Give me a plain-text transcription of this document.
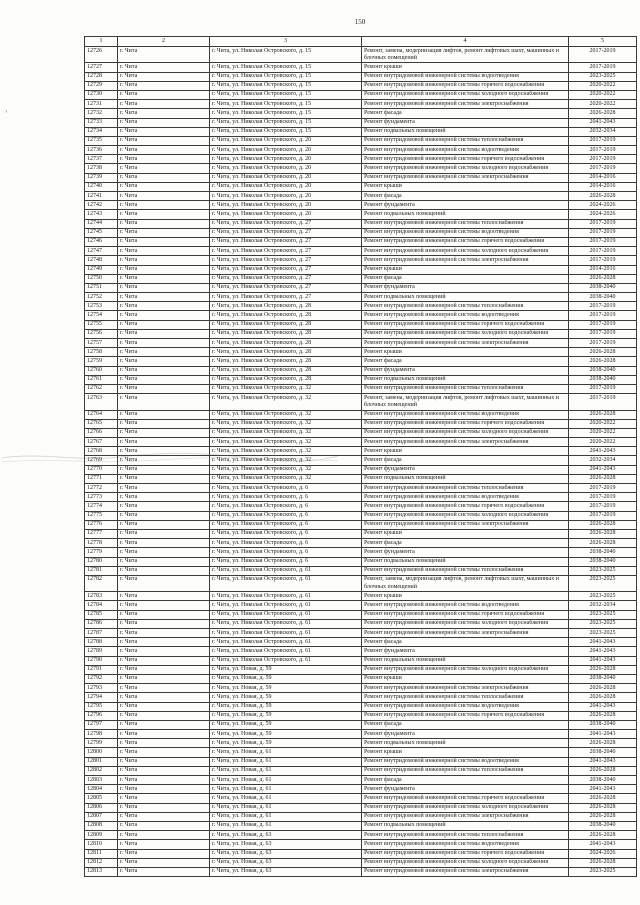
150
1	2	3	4	5
12726	г. Чита	г. Чита, ул. Николая Островского, д. 15	Ремонт, замена, модернизация лифтов, ремонт лифтовых шахт, машинных и блочных помещений	2017-2019
12727	г. Чита	г. Чита, ул. Николая Островского, д. 15	Ремонт крыши	2017-2019
12728	г. Чита	г. Чита, ул. Николая Островского, д. 15	Ремонт внутридомовой инженерной системы водоотведения	2023-2025
12729	г. Чита	г. Чита, ул. Николая Островского, д. 15	Ремонт внутридомовой инженерной системы горячего водоснабжения	2020-2022
12730	г. Чита	г. Чита, ул. Николая Островского, д. 15	Ремонт внутридомовой инженерной системы холодного водоснабжения	2020-2022
12731	г. Чита	г. Чита, ул. Николая Островского, д. 15	Ремонт внутридомовой инженерной системы электроснабжения	2020-2022
12732	г. Чита	г. Чита, ул. Николая Островского, д. 15	Ремонт фасада	2026-2028
12733	г. Чита	г. Чита, ул. Николая Островского, д. 15	Ремонт фундамента	2041-2043
12734	г. Чита	г. Чита, ул. Николая Островского, д. 15	Ремонт подвальных помещений	2032-2034
12735	г. Чита	г. Чита, ул. Николая Островского, д. 20	Ремонт внутридомовой инженерной системы теплоснабжения	2017-2019
12736	г. Чита	г. Чита, ул. Николая Островского, д. 20	Ремонт внутридомовой инженерной системы водоотведения	2017-2019
12737	г. Чита	г. Чита, ул. Николая Островского, д. 20	Ремонт внутридомовой инженерной системы горячего водоснабжения	2017-2019
12738	г. Чита	г. Чита, ул. Николая Островского, д. 20	Ремонт внутридомовой инженерной системы холодного водоснабжения	2017-2019
12739	г. Чита	г. Чита, ул. Николая Островского, д. 20	Ремонт внутридомовой инженерной системы электроснабжения	2014-2016
12740	г. Чита	г. Чита, ул. Николая Островского, д. 20	Ремонт крыши	2014-2016
12741	г. Чита	г. Чита, ул. Николая Островского, д. 20	Ремонт фасада	2026-2028
12742	г. Чита	г. Чита, ул. Николая Островского, д. 20	Ремонт фундамента	2024-2026
12743	г. Чита	г. Чита, ул. Николая Островского, д. 20	Ремонт подвальных помещений	2024-2026
12744	г. Чита	г. Чита, ул. Николая Островского, д. 27	Ремонт внутридомовой инженерной системы теплоснабжения	2017-2019
12745	г. Чита	г. Чита, ул. Николая Островского, д. 27	Ремонт внутридомовой инженерной системы водоотведения	2017-2019
12746	г. Чита	г. Чита, ул. Николая Островского, д. 27	Ремонт внутридомовой инженерной системы горячего водоснабжения	2017-2019
12747	г. Чита	г. Чита, ул. Николая Островского, д. 27	Ремонт внутридомовой инженерной системы холодного водоснабжения	2017-2019
12748	г. Чита	г. Чита, ул. Николая Островского, д. 27	Ремонт внутридомовой инженерной системы электроснабжения	2017-2019
12749	г. Чита	г. Чита, ул. Николая Островского, д. 27	Ремонт крыши	2014-2016
12750	г. Чита	г. Чита, ул. Николая Островского, д. 27	Ремонт фасада	2026-2028
12751	г. Чита	г. Чита, ул. Николая Островского, д. 27	Ремонт фундамента	2038-2040
12752	г. Чита	г. Чита, ул. Николая Островского, д. 27	Ремонт подвальных помещений	2038-2040
12753	г. Чита	г. Чита, ул. Николая Островского, д. 28	Ремонт внутридомовой инженерной системы теплоснабжения	2017-2019
12754	г. Чита	г. Чита, ул. Николая Островского, д. 28	Ремонт внутридомовой инженерной системы водоотведения	2017-2019
12755	г. Чита	г. Чита, ул. Николая Островского, д. 28	Ремонт внутридомовой инженерной системы горячего водоснабжения	2017-2019
12756	г. Чита	г. Чита, ул. Николая Островского, д. 28	Ремонт внутридомовой инженерной системы холодного водоснабжения	2017-2019
12757	г. Чита	г. Чита, ул. Николая Островского, д. 28	Ремонт внутридомовой инженерной системы электроснабжения	2017-2019
12758	г. Чита	г. Чита, ул. Николая Островского, д. 28	Ремонт крыши	2026-2028
12759	г. Чита	г. Чита, ул. Николая Островского, д. 28	Ремонт фасада	2026-2028
12760	г. Чита	г. Чита, ул. Николая Островского, д. 28	Ремонт фундамента	2038-2040
12761	г. Чита	г. Чита, ул. Николая Островского, д. 28	Ремонт подвальных помещений	2038-2040
12762	г. Чита	г. Чита, ул. Николая Островского, д. 32	Ремонт внутридомовой инженерной системы теплоснабжения	2017-2019
12763	г. Чита	г. Чита, ул. Николая Островского, д. 32	Ремонт, замена, модернизация лифтов, ремонт лифтовых шахт, машинных и блочных помещений	2017-2019
12764	г. Чита	г. Чита, ул. Николая Островского, д. 32	Ремонт внутридомовой инженерной системы водоотведения	2026-2028
12765	г. Чита	г. Чита, ул. Николая Островского, д. 32	Ремонт внутридомовой инженерной системы горячего водоснабжения	2020-2022
12766	г. Чита	г. Чита, ул. Николая Островского, д. 32	Ремонт внутридомовой инженерной системы холодного водоснабжения	2020-2022
12767	г. Чита	г. Чита, ул. Николая Островского, д. 32	Ремонт внутридомовой инженерной системы электроснабжения	2020-2022
12768	г. Чита	г. Чита, ул. Николая Островского, д. 32	Ремонт крыши	2041-2043
12769	г. Чита	г. Чита, ул. Николая Островского, д. 32	Ремонт фасада	2032-2034
12770	г. Чита	г. Чита, ул. Николая Островского, д. 32	Ремонт фундамента	2041-2043
12771	г. Чита	г. Чита, ул. Николая Островского, д. 32	Ремонт подвальных помещений	2026-2028
12772	г. Чита	г. Чита, ул. Николая Островского, д. 6	Ремонт внутридомовой инженерной системы теплоснабжения	2017-2019
12773	г. Чита	г. Чита, ул. Николая Островского, д. 6	Ремонт внутридомовой инженерной системы водоотведения	2017-2019
12774	г. Чита	г. Чита, ул. Николая Островского, д. 6	Ремонт внутридомовой инженерной системы горячего водоснабжения	2017-2019
12775	г. Чита	г. Чита, ул. Николая Островского, д. 6	Ремонт внутридомовой инженерной системы холодного водоснабжения	2017-2019
12776	г. Чита	г. Чита, ул. Николая Островского, д. 6	Ремонт внутридомовой инженерной системы электроснабжения	2026-2028
12777	г. Чита	г. Чита, ул. Николая Островского, д. 6	Ремонт крыши	2026-2028
12778	г. Чита	г. Чита, ул. Николая Островского, д. 6	Ремонт фасада	2026-2028
12779	г. Чита	г. Чита, ул. Николая Островского, д. 6	Ремонт фундамента	2038-2040
12780	г. Чита	г. Чита, ул. Николая Островского, д. 6	Ремонт подвальных помещений	2038-2040
12781	г. Чита	г. Чита, ул. Николая Островского, д. 61	Ремонт внутридомовой инженерной системы теплоснабжения	2023-2025
12782	г. Чита	г. Чита, ул. Николая Островского, д. 61	Ремонт, замена, модернизация лифтов, ремонт лифтовых шахт, машинных и блочных помещений	2023-2025
12783	г. Чита	г. Чита, ул. Николая Островского, д. 61	Ремонт крыши	2023-2025
12784	г. Чита	г. Чита, ул. Николая Островского, д. 61	Ремонт внутридомовой инженерной системы водоотведения	2032-2034
12785	г. Чита	г. Чита, ул. Николая Островского, д. 61	Ремонт внутридомовой инженерной системы горячего водоснабжения	2023-2025
12786	г. Чита	г. Чита, ул. Николая Островского, д. 61	Ремонт внутридомовой инженерной системы холодного водоснабжения	2023-2025
12787	г. Чита	г. Чита, ул. Николая Островского, д. 61	Ремонт внутридомовой инженерной системы электроснабжения	2023-2025
12788	г. Чита	г. Чита, ул. Николая Островского, д. 61	Ремонт фасада	2041-2043
12789	г. Чита	г. Чита, ул. Николая Островского, д. 61	Ремонт фундамента	2041-2043
12790	г. Чита	г. Чита, ул. Николая Островского, д. 61	Ремонт подвальных помещений	2041-2043
12791	г. Чита	г. Чита, ул. Новая, д. 59	Ремонт внутридомовой инженерной системы холодного водоснабжения	2026-2028
12792	г. Чита	г. Чита, ул. Новая, д. 59	Ремонт крыши	2038-2040
12793	г. Чита	г. Чита, ул. Новая, д. 59	Ремонт внутридомовой инженерной системы электроснабжения	2026-2028
12794	г. Чита	г. Чита, ул. Новая, д. 59	Ремонт внутридомовой инженерной системы теплоснабжения	2026-2028
12795	г. Чита	г. Чита, ул. Новая, д. 59	Ремонт внутридомовой инженерной системы водоотведения	2041-2043
12796	г. Чита	г. Чита, ул. Новая, д. 59	Ремонт внутридомовой инженерной системы горячего водоснабжения	2026-2028
12797	г. Чита	г. Чита, ул. Новая, д. 59	Ремонт фасада	2038-2040
12798	г. Чита	г. Чита, ул. Новая, д. 59	Ремонт фундамента	2041-2043
12799	г. Чита	г. Чита, ул. Новая, д. 59	Ремонт подвальных помещений	2026-2028
12800	г. Чита	г. Чита, ул. Новая, д. 61	Ремонт крыши	2038-2040
12801	г. Чита	г. Чита, ул. Новая, д. 61	Ремонт внутридомовой инженерной системы водоотведения	2041-2043
12802	г. Чита	г. Чита, ул. Новая, д. 61	Ремонт внутридомовой инженерной системы теплоснабжения	2026-2028
12803	г. Чита	г. Чита, ул. Новая, д. 61	Ремонт фасада	2038-2040
12804	г. Чита	г. Чита, ул. Новая, д. 61	Ремонт фундамента	2041-2043
12805	г. Чита	г. Чита, ул. Новая, д. 61	Ремонт внутридомовой инженерной системы горячего водоснабжения	2026-2028
12806	г. Чита	г. Чита, ул. Новая, д. 61	Ремонт внутридомовой инженерной системы холодного водоснабжения	2026-2028
12807	г. Чита	г. Чита, ул. Новая, д. 61	Ремонт внутридомовой инженерной системы электроснабжения	2026-2028
12808	г. Чита	г. Чита, ул. Новая, д. 61	Ремонт подвальных помещений	2038-2040
12809	г. Чита	г. Чита, ул. Новая, д. 63	Ремонт внутридомовой инженерной системы теплоснабжения	2026-2028
12810	г. Чита	г. Чита, ул. Новая, д. 63	Ремонт внутридомовой инженерной системы водоотведения	2041-2043
12811	г. Чита	г. Чита, ул. Новая, д. 63	Ремонт внутридомовой инженерной системы горячего водоснабжения	2024-2026
12812	г. Чита	г. Чита, ул. Новая, д. 63	Ремонт внутридомовой инженерной системы холодного водоснабжения	2026-2028
12813	г. Чита	г. Чита, ул. Новая, д. 63	Ремонт внутридомовой инженерной системы электроснабжения	2023-2025
ʼ
